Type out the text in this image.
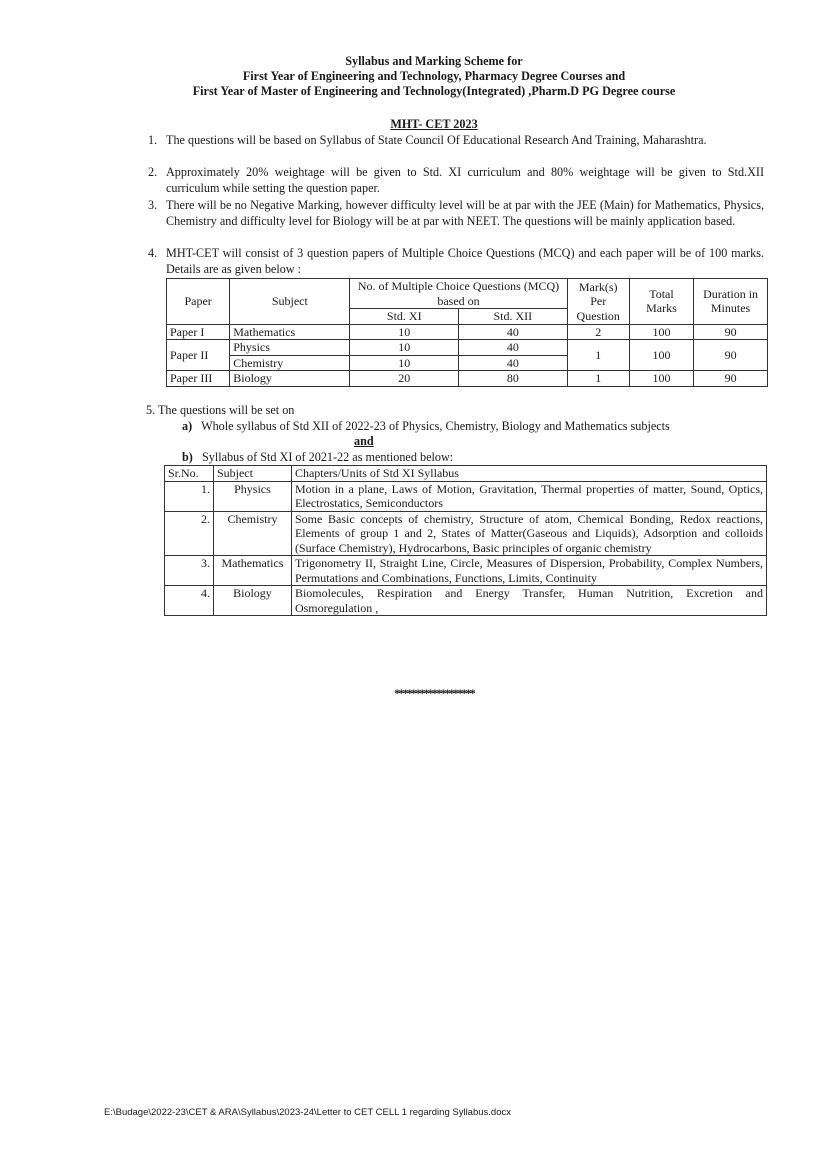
Syllabus and Marking Scheme for
First Year of Engineering and Technology, Pharmacy Degree Courses and
First Year of Master of Engineering and Technology(Integrated) ,Pharm.D PG Degree course
MHT- CET 2023
1. The questions will be based on Syllabus of State Council Of Educational Research And Training, Maharashtra.
2. Approximately 20% weightage will be given to Std. XI curriculum and 80% weightage will be given to Std.XII curriculum while setting the question paper.
3. There will be no Negative Marking, however difficulty level will be at par with the JEE (Main) for Mathematics, Physics, Chemistry and difficulty level for Biology will be at par with NEET. The questions will be mainly application based.
4. MHT-CET will consist of 3 question papers of Multiple Choice Questions (MCQ) and each paper will be of 100 marks. Details are as given below :
Paper	Subject	No. of Multiple Choice Questions (MCQ) based on		Mark(s) Per Question	Total Marks	Duration in Minutes
		Std. XI	Std. XII			
Paper I	Mathematics	10	40	2	100	90
Paper II	Physics	10	40	1	100	90
	Chemistry	10	40			
Paper III	Biology	20	80	1	100	90
5. The questions will be set on
a) Whole syllabus of Std XII of 2022-23 of Physics, Chemistry, Biology and Mathematics subjects
and
b) Syllabus of Std XI of 2021-22 as mentioned below:
Sr.No.	Subject	Chapters/Units of Std XI Syllabus
1.	Physics	Motion in a plane, Laws of Motion, Gravitation, Thermal properties of matter, Sound, Optics, Electrostatics, Semiconductors
2.	Chemistry	Some Basic concepts of chemistry, Structure of atom, Chemical Bonding, Redox reactions, Elements of group 1 and 2, States of Matter(Gaseous and Liquids), Adsorption and colloids (Surface Chemistry), Hydrocarbons, Basic principles of organic chemistry
3.	Mathematics	Trigonometry II, Straight Line, Circle, Measures of Dispersion, Probability, Complex Numbers, Permutations and Combinations, Functions, Limits, Continuity
4.	Biology	Biomolecules, Respiration and Energy Transfer, Human Nutrition, Excretion and Osmoregulation ,
*******************
E:\Budage\2022-23\CET & ARA\Syllabus\2023-24\Letter to CET CELL 1 regarding Syllabus.docx
